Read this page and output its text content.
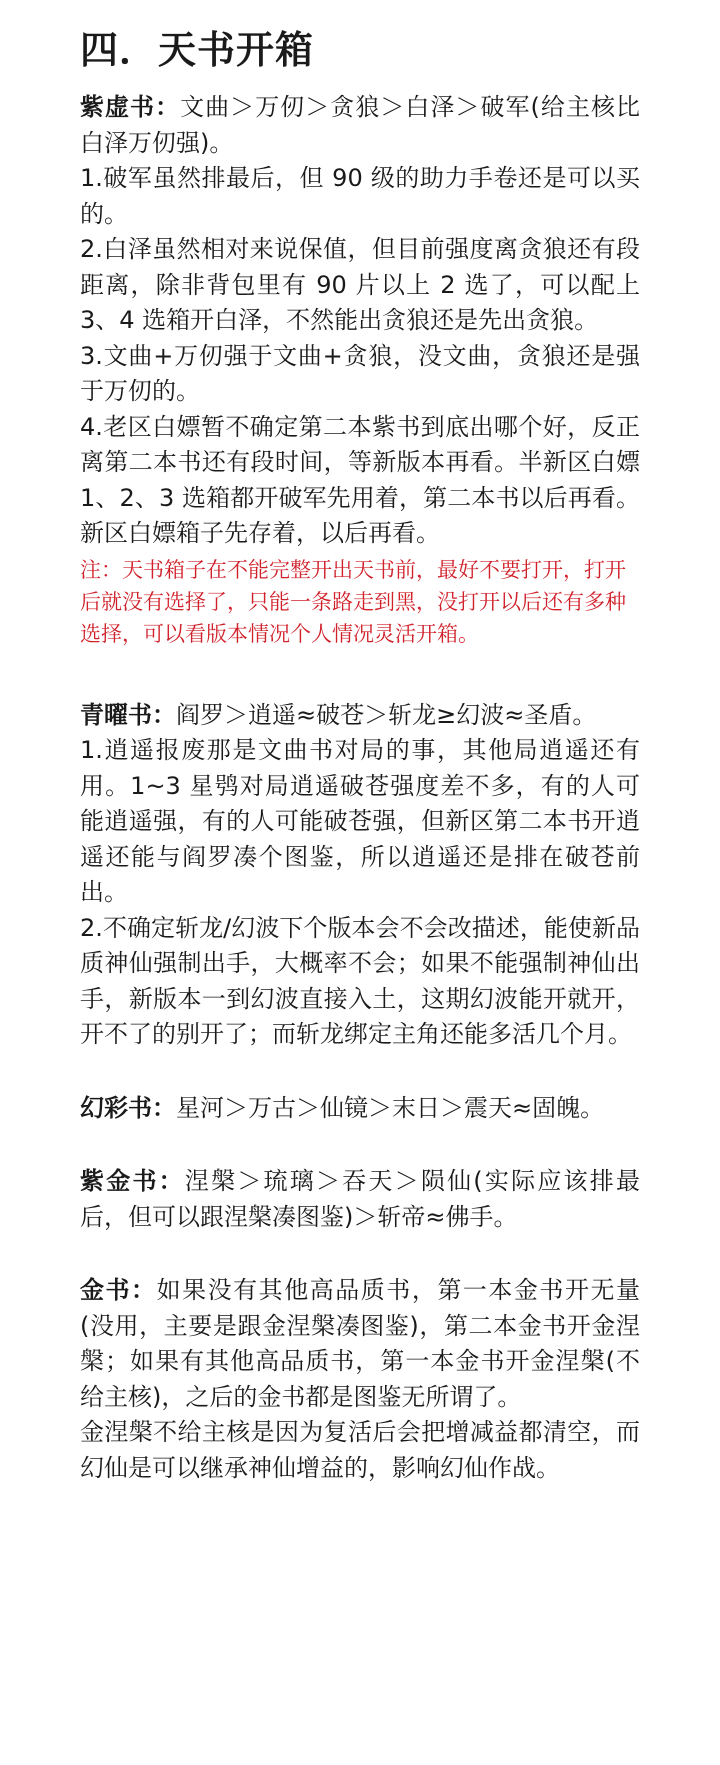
四．天书开箱

紫虚书：文曲＞万仞＞贪狼＞白泽＞破军(给主核比白泽万仞强)。

1.破军虽然排最后，但 90 级的助力手卷还是可以买的。

2.白泽虽然相对来说保值，但目前强度离贪狼还有段距离，除非背包里有 90 片以上 2 选了，可以配上 3、4 选箱开白泽，不然能出贪狼还是先出贪狼。

3.文曲+万仞强于文曲+贪狼，没文曲，贪狼还是强于万仞的。

4.老区白嫖暂不确定第二本紫书到底出哪个好，反正离第二本书还有段时间，等新版本再看。半新区白嫖 1、2、3 选箱都开破军先用着，第二本书以后再看。新区白嫖箱子先存着，以后再看。

注：天书箱子在不能完整开出天书前，最好不要打开，打开后就没有选择了，只能一条路走到黑，没打开以后还有多种选择，可以看版本情况个人情况灵活开箱。

青曜书：阎罗＞逍遥≈破苍＞斩龙≥幻波≈圣盾。

1.逍遥报废那是文曲书对局的事，其他局逍遥还有用。1~3 星鸮对局逍遥破苍强度差不多，有的人可能逍遥强，有的人可能破苍强，但新区第二本书开逍遥还能与阎罗凑个图鉴，所以逍遥还是排在破苍前出。

2.不确定斩龙/幻波下个版本会不会改描述，能使新品质神仙强制出手，大概率不会；如果不能强制神仙出手，新版本一到幻波直接入土，这期幻波能开就开，开不了的别开了；而斩龙绑定主角还能多活几个月。

幻彩书：星河＞万古＞仙镜＞末日＞震天≈固魄。

紫金书：涅槃＞琉璃＞吞天＞陨仙(实际应该排最后，但可以跟涅槃凑图鉴)＞斩帝≈佛手。

金书：如果没有其他高品质书，第一本金书开无量(没用，主要是跟金涅槃凑图鉴)，第二本金书开金涅槃；如果有其他高品质书，第一本金书开金涅槃(不给主核)，之后的金书都是图鉴无所谓了。

金涅槃不给主核是因为复活后会把增减益都清空，而幻仙是可以继承神仙增益的，影响幻仙作战。
